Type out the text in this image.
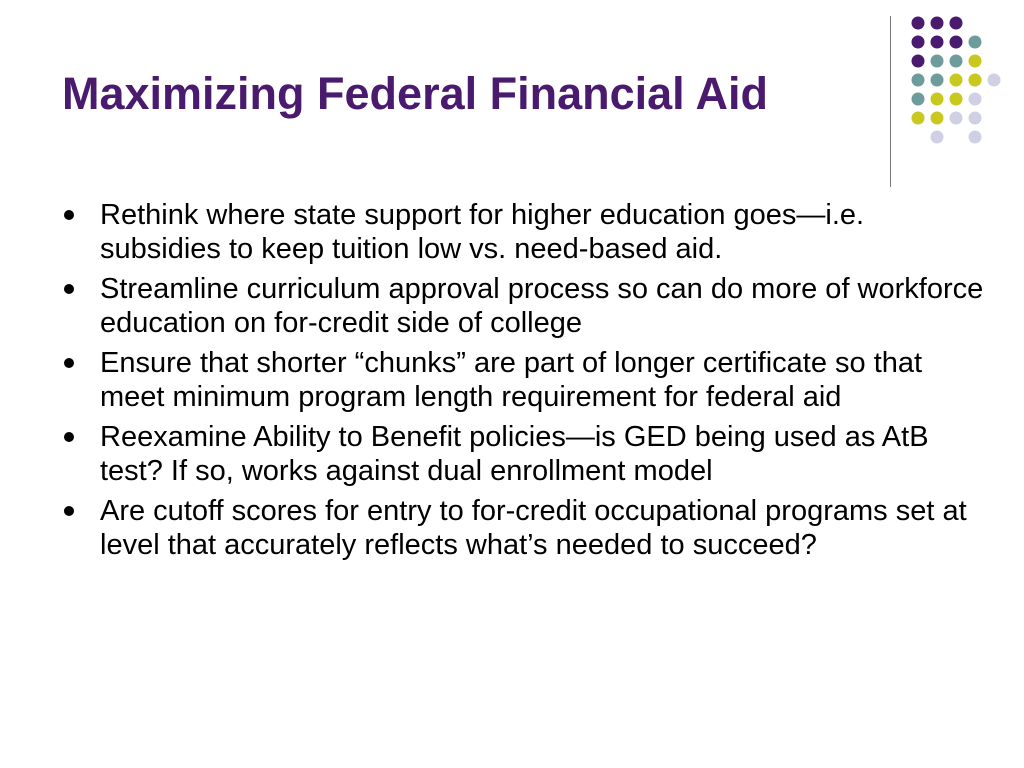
Maximizing Federal Financial Aid
Rethink where state support for higher education goes—i.e. subsidies to keep tuition low vs. need-based aid.
Streamline curriculum approval process so can do more of workforce education on for-credit side of college
Ensure that shorter “chunks” are part of longer certificate so that meet minimum program length requirement for federal aid
Reexamine Ability to Benefit policies—is GED being used as AtB test? If so, works against dual enrollment model
Are cutoff scores for entry to for-credit occupational programs set at level that accurately reflects what’s needed to succeed?
